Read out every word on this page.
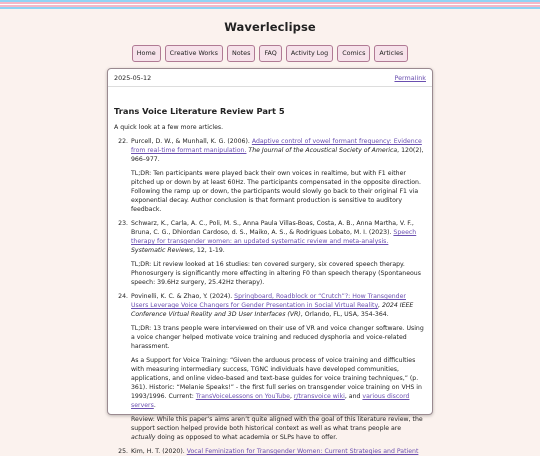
Waverleclipse
Home	Creative Works	Notes	FAQ	Activity Log	Comics	Articles
2025-05-12	Permalink
Trans Voice Literature Review Part 5
A quick look at a few more articles.
22. Purcell, D. W., & Munhall, K. G. (2006). Adaptive control of vowel formant frequency: Evidence from real-time formant manipulation. The Journal of the Acoustical Society of America, 120(2), 966–977.
TL;DR: Ten participants were played back their own voices in realtime, but with F1 either pitched up or down by at least 60Hz. The participants compensated in the opposite direction. Following the ramp up or down, the participants would slowly go back to their original F1 via exponential decay. Author conclusion is that formant production is sensitive to auditory feedback.
23. Schwarz, K., Carla, A. C., Poli, M. S., Anna Paula Villas-Boas, Costa, A. B., Anna Martha, V. F., Bruna, C. G., Dhiordan Cardoso, d. S., Maiko, A. S., & Rodrigues Lobato, M. I. (2023). Speech therapy for transgender women: an updated systematic review and meta-analysis. Systematic Reviews, 12, 1-19.
TL;DR: Lit review looked at 16 studies: ten covered surgery, six covered speech therapy. Phonosurgery is significantly more effecting in altering F0 than speech therapy (Spontaneous speech: 39.6Hz surgery, 25.42Hz therapy).
24. Povinelli, K. C. & Zhao, Y. (2024). Springboard, Roadblock or “Crutch”?: How Transgender Users Leverage Voice Changers for Gender Presentation in Social Virtual Reality, 2024 IEEE Conference Virtual Reality and 3D User Interfaces (VR), Orlando, FL, USA, 354-364.
TL;DR: 13 trans people were interviewed on their use of VR and voice changer software. Using a voice changer helped motivate voice training and reduced dysphoria and voice-related harassment.
As a Support for Voice Training: “Given the arduous process of voice training and difficulties with measuring intermediary success, TGNC individuals have developed communities, applications, and online video-based and text-base guides for voice training techniques,” (p. 361). Historic: “Melanie Speaks!” - the first full series on transgender voice training on VHS in 1993/1996. Current: TransVoiceLessons on YouTube, r/transvoice wiki, and various discord servers.
Review: While this paper’s aims aren’t quite aligned with the goal of this literature review, the support section helped provide both historical context as well as what trans people are actually doing as opposed to what academia or SLPs have to offer.
25. Kim, H. T. (2020). Vocal Feminization for Transgender Women: Current Strategies and Patient
